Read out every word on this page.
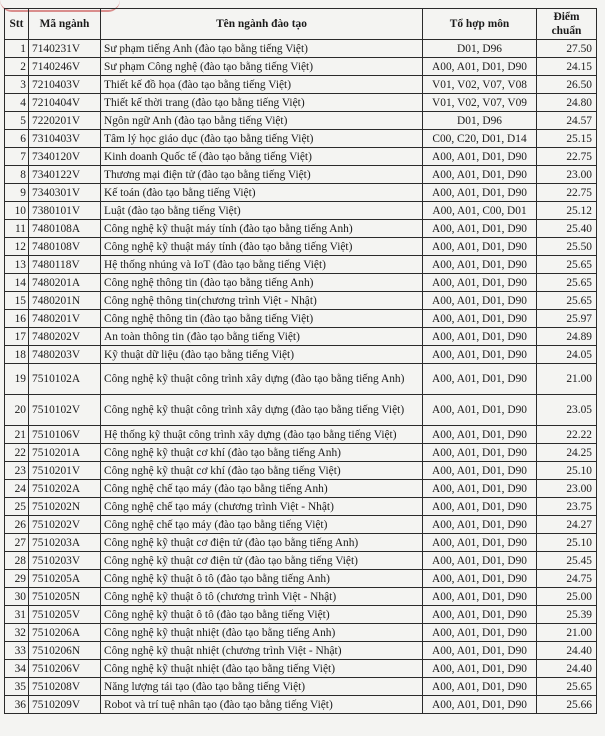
Stt	Mã ngành	Tên ngành đào tạo	Tổ hợp môn	Điểm chuẩn
1	7140231V	Sư phạm tiếng Anh (đào tạo bằng tiếng Việt)	D01, D96	27.50
2	7140246V	Sư phạm Công nghệ (đào tạo bằng tiếng Việt)	A00, A01, D01, D90	24.15
3	7210403V	Thiết kế đồ họa (đào tạo bằng tiếng Việt)	V01, V02, V07, V08	26.50
4	7210404V	Thiết kế thời trang (đào tạo bằng tiếng Việt)	V01, V02, V07, V09	24.80
5	7220201V	Ngôn ngữ Anh (đào tạo bằng tiếng Việt)	D01, D96	24.57
6	7310403V	Tâm lý học giáo dục (đào tạo bằng tiếng Việt)	C00, C20, D01, D14	25.15
7	7340120V	Kinh doanh Quốc tế (đào tạo bằng tiếng Việt)	A00, A01, D01, D90	22.75
8	7340122V	Thương mại điện tử (đào tạo bằng tiếng Việt)	A00, A01, D01, D90	23.00
9	7340301V	Kế toán (đào tạo bằng tiếng Việt)	A00, A01, D01, D90	22.75
10	7380101V	Luật (đào tạo bằng tiếng Việt)	A00, A01, C00, D01	25.12
11	7480108A	Công nghệ kỹ thuật máy tính (đào tạo bằng tiếng Anh)	A00, A01, D01, D90	25.40
12	7480108V	Công nghệ kỹ thuật máy tính (đào tạo bằng tiếng Việt)	A00, A01, D01, D90	25.50
13	7480118V	Hệ thống nhúng và IoT (đào tạo bằng tiếng Việt)	A00, A01, D01, D90	25.65
14	7480201A	Công nghệ thông tin (đào tạo bằng tiếng Anh)	A00, A01, D01, D90	25.65
15	7480201N	Công nghệ thông tin(chương trình Việt - Nhật)	A00, A01, D01, D90	25.65
16	7480201V	Công nghệ thông tin (đào tạo bằng tiếng Việt)	A00, A01, D01, D90	25.97
17	7480202V	An toàn thông tin (đào tạo bằng tiếng Việt)	A00, A01, D01, D90	24.89
18	7480203V	Kỹ thuật dữ liệu (đào tạo bằng tiếng Việt)	A00, A01, D01, D90	24.05
19	7510102A	Công nghệ kỹ thuật công trình xây dựng (đào tạo bằng tiếng Anh)	A00, A01, D01, D90	21.00
20	7510102V	Công nghệ kỹ thuật công trình xây dựng (đào tạo bằng tiếng Việt)	A00, A01, D01, D90	23.05
21	7510106V	Hệ thống kỹ thuật công trình xây dựng (đào tạo bằng tiếng Việt)	A00, A01, D01, D90	22.22
22	7510201A	Công nghệ kỹ thuật cơ khí (đào tạo bằng tiếng Anh)	A00, A01, D01, D90	24.25
23	7510201V	Công nghệ kỹ thuật cơ khí (đào tạo bằng tiếng Việt)	A00, A01, D01, D90	25.10
24	7510202A	Công nghệ chế tạo máy (đào tạo bằng tiếng Anh)	A00, A01, D01, D90	23.00
25	7510202N	Công nghệ chế tạo máy (chương trình Việt - Nhật)	A00, A01, D01, D90	23.75
26	7510202V	Công nghệ chế tạo máy (đào tạo bằng tiếng Việt)	A00, A01, D01, D90	24.27
27	7510203A	Công nghệ kỹ thuật cơ điện tử (đào tạo bằng tiếng Anh)	A00, A01, D01, D90	25.10
28	7510203V	Công nghệ kỹ thuật cơ điện tử (đào tạo bằng tiếng Việt)	A00, A01, D01, D90	25.45
29	7510205A	Công nghệ kỹ thuật ô tô (đào tạo bằng tiếng Anh)	A00, A01, D01, D90	24.75
30	7510205N	Công nghệ kỹ thuật ô tô (chương trình Việt - Nhật)	A00, A01, D01, D90	25.00
31	7510205V	Công nghệ kỹ thuật ô tô (đào tạo bằng tiếng Việt)	A00, A01, D01, D90	25.39
32	7510206A	Công nghệ kỹ thuật nhiệt (đào tạo bằng tiếng Anh)	A00, A01, D01, D90	21.00
33	7510206N	Công nghệ kỹ thuật nhiệt (chương trình Việt - Nhật)	A00, A01, D01, D90	24.40
34	7510206V	Công nghệ kỹ thuật nhiệt (đào tạo bằng tiếng Việt)	A00, A01, D01, D90	24.40
35	7510208V	Năng lượng tái tạo (đào tạo bằng tiếng Việt)	A00, A01, D01, D90	25.65
36	7510209V	Robot và trí tuệ nhân tạo (đào tạo bằng tiếng Việt)	A00, A01, D01, D90	25.66
